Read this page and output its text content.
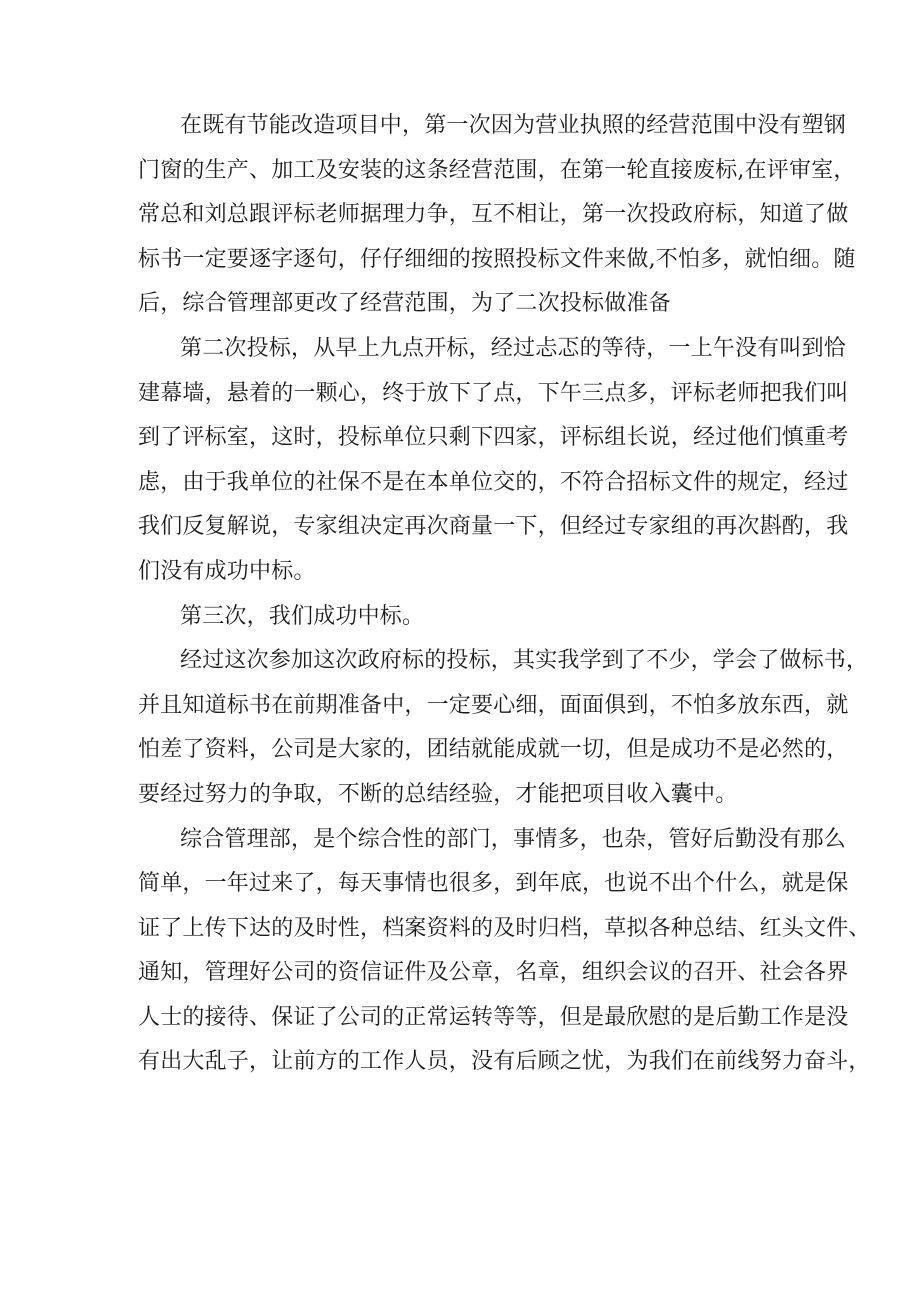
在既有节能改造项目中，第一次因为营业执照的经营范围中没有塑钢
门窗的生产、加工及安装的这条经营范围，在第一轮直接废标,在评审室，
常总和刘总跟评标老师据理力争，互不相让，第一次投政府标，知道了做
标书一定要逐字逐句，仔仔细细的按照投标文件来做,不怕多，就怕细。随
后，综合管理部更改了经营范围，为了二次投标做准备
第二次投标，从早上九点开标，经过忐忑的等待，一上午没有叫到恰
建幕墙，悬着的一颗心，终于放下了点，下午三点多，评标老师把我们叫
到了评标室，这时，投标单位只剩下四家，评标组长说，经过他们慎重考
虑，由于我单位的社保不是在本单位交的，不符合招标文件的规定，经过
我们反复解说，专家组决定再次商量一下，但经过专家组的再次斟酌，我
们没有成功中标。
第三次，我们成功中标。
经过这次参加这次政府标的投标，其实我学到了不少，学会了做标书，
并且知道标书在前期准备中，一定要心细，面面俱到，不怕多放东西，就
怕差了资料，公司是大家的，团结就能成就一切，但是成功不是必然的，
要经过努力的争取，不断的总结经验，才能把项目收入囊中。
综合管理部，是个综合性的部门，事情多，也杂，管好后勤没有那么
简单，一年过来了，每天事情也很多，到年底，也说不出个什么，就是保
证了上传下达的及时性，档案资料的及时归档，草拟各种总结、红头文件、
通知，管理好公司的资信证件及公章，名章，组织会议的召开、社会各界
人士的接待、保证了公司的正常运转等等，但是最欣慰的是后勤工作是没
有出大乱子，让前方的工作人员，没有后顾之忧，为我们在前线努力奋斗，
